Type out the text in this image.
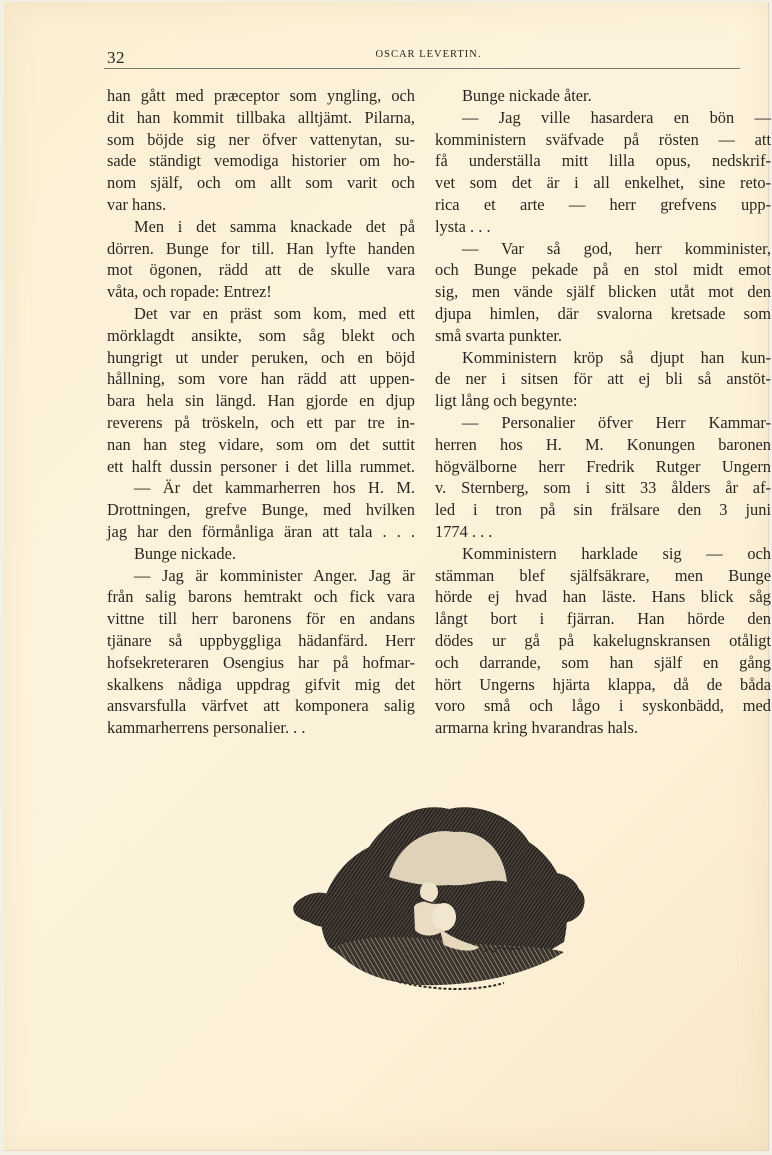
32	OSCAR LEVERTIN.
han gått med præceptor som yngling, och
dit han kommit tillbaka alltjämt. Pilarna,
som böjde sig ner öfver vattenytan, su-
sade ständigt vemodiga historier om ho-
nom själf, och om allt som varit och
var hans.
Men i det samma knackade det på
dörren. Bunge for till. Han lyfte handen
mot ögonen, rädd att de skulle vara
våta, och ropade: Entrez!
Det var en präst som kom, med ett
mörklagdt ansikte, som såg blekt och
hungrigt ut under peruken, och en böjd
hållning, som vore han rädd att uppen-
bara hela sin längd. Han gjorde en djup
reverens på tröskeln, och ett par tre in-
nan han steg vidare, som om det suttit
ett halft dussin personer i det lilla rummet.
— Är det kammarherren hos H. M.
Drottningen, grefve Bunge, med hvilken
jag har den förmånliga äran att tala . . .
Bunge nickade.
— Jag är komminister Anger. Jag är
från salig barons hemtrakt och fick vara
vittne till herr baronens för en andans
tjänare så uppbyggliga hädanfärd. Herr
hofsekreteraren Osengius har på hofmar-
skalkens nådiga uppdrag gifvit mig det
ansvarsfulla värfvet att komponera salig
kammarherrens personalier. . .
Bunge nickade åter.
— Jag ville hasardera en bön —
komministern sväfvade på rösten — att
få underställa mitt lilla opus, nedskrif-
vet som det är i all enkelhet, sine reto-
rica et arte — herr grefvens upp-
lysta . . .
— Var så god, herr komminister,
och Bunge pekade på en stol midt emot
sig, men vände själf blicken utåt mot den
djupa himlen, där svalorna kretsade som
små svarta punkter.
Komministern kröp så djupt han kun-
de ner i sitsen för att ej bli så anstöt-
ligt lång och begynte:
— Personalier öfver Herr Kammar-
herren hos H. M. Konungen baronen
högvälborne herr Fredrik Rutger Ungern
v. Sternberg, som i sitt 33 ålders år af-
led i tron på sin frälsare den 3 juni
1774 . . .
Komministern harklade sig — och
stämman blef själfsäkrare, men Bunge
hörde ej hvad han läste. Hans blick såg
långt bort i fjärran. Han hörde den
dödes ur gå på kakelugnskransen otåligt
och darrande, som han själf en gång
hört Ungerns hjärta klappa, då de båda
voro små och lågo i syskonbädd, med
armarna kring hvarandras hals.
